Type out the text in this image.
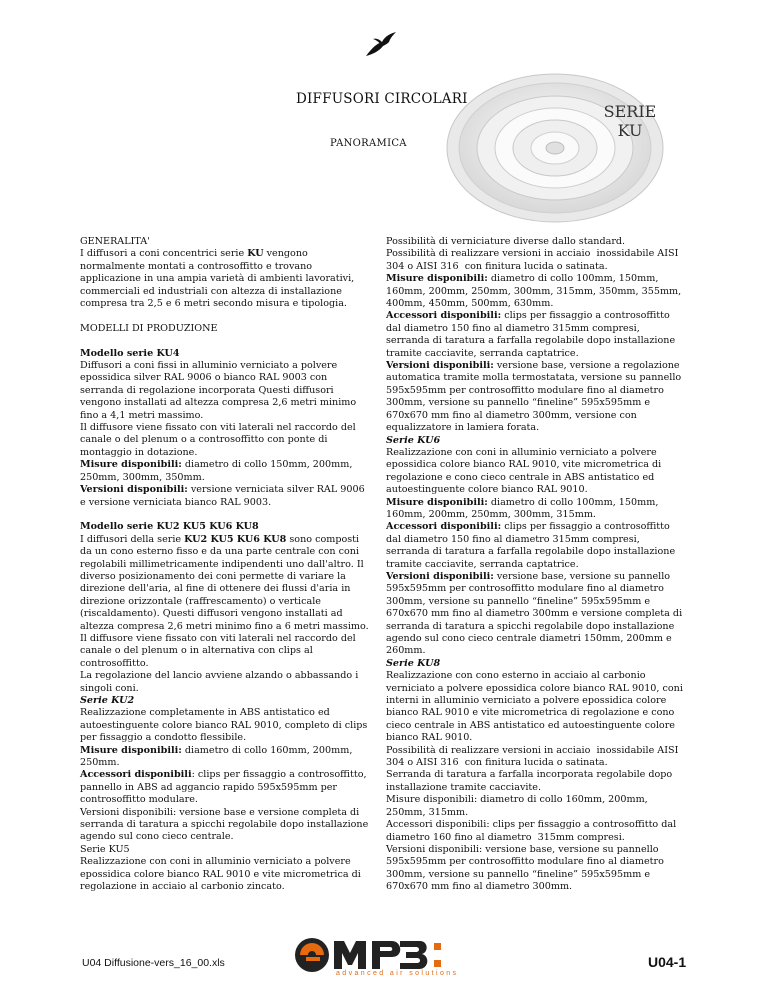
DIFFUSORI CIRCOLARI
PANORAMICA
SERIE
KU

GENERALITA'

I diffusori a coni concentrici serie KU vengono normalmente montati a controsoffitto e trovano applicazione in una ampia varietà di ambienti lavorativi, commerciali ed industriali con altezza di installazione compresa tra 2,5 e 6 metri secondo misura e tipologia.

MODELLI DI PRODUZIONE

Modello serie KU4

Diffusori a coni fissi in alluminio verniciato a polvere epossidica silver RAL 9006 o bianco RAL 9003 con serranda di regolazione incorporata Questi diffusori vengono installati ad altezza compresa 2,6 metri minimo fino a 4,1 metri massimo.
Il diffusore viene fissato con viti laterali nel raccordo del canale o del plenum o a controsoffitto con ponte di montaggio in dotazione.

Misure disponibili: diametro di collo 150mm, 200mm, 250mm, 300mm, 350mm.

Versioni disponibili: versione verniciata silver RAL 9006 e versione verniciata bianco RAL 9003.

Modello serie KU2 KU5 KU6 KU8

I diffusori della serie KU2 KU5 KU6 KU8 sono composti da un cono esterno fisso e da una parte centrale con coni regolabili millimetricamente indipendenti uno dall'altro. Il diverso posizionamento dei coni permette di variare la direzione dell'aria, al fine di ottenere dei flussi d'aria in direzione orizzontale (raffrescamento) o verticale (riscaldamento). Questi diffusori vengono installati ad altezza compresa 2,6 metri minimo fino a 6 metri massimo. Il diffusore viene fissato con viti laterali nel raccordo del canale o del plenum o in alternativa con clips al controsoffitto.
La regolazione del lancio avviene alzando o abbassando i singoli coni.

Serie KU2

Realizzazione completamente in ABS antistatico ed autoestinguente colore bianco RAL 9010, completo di clips per fissaggio a condotto flessibile.

Misure disponibili: diametro di collo 160mm, 200mm, 250mm.

Accessori disponibili: clips per fissaggio a controsoffitto, pannello in ABS ad aggancio rapido 595x595mm per controsoffitto modulare.

Versioni disponibili: versione base e versione completa di serranda di taratura a spicchi regolabile dopo installazione agendo sul cono cieco centrale.
Serie KU5
Realizzazione con coni in alluminio verniciato a polvere epossidica colore bianco RAL 9010 e vite micrometrica di regolazione in acciaio al carbonio zincato.

Possibilità di verniciature diverse dallo standard.
Possibilità di realizzare versioni in acciaio  inossidabile AISI 304 o AISI 316  con finitura lucida o satinata.

Misure disponibili: diametro di collo 100mm, 150mm, 160mm, 200mm, 250mm, 300mm, 315mm, 350mm, 355mm, 400mm, 450mm, 500mm, 630mm.

Accessori disponibili: clips per fissaggio a controsoffitto dal diametro 150 fino al diametro 315mm compresi, serranda di taratura a farfalla regolabile dopo installazione tramite cacciavite, serranda captatrice.

Versioni disponibili: versione base, versione a regolazione automatica tramite molla termostatata, versione su pannello 595x595mm per controsoffitto modulare fino al diametro 300mm, versione su pannello “fineline” 595x595mm e 670x670 mm fino al diametro 300mm, versione con equalizzatore in lamiera forata.

Serie KU6

Realizzazione con coni in alluminio verniciato a polvere epossidica colore bianco RAL 9010, vite micrometrica di regolazione e cono cieco centrale in ABS antistatico ed autoestinguente colore bianco RAL 9010.

Misure disponibili: diametro di collo 100mm, 150mm, 160mm, 200mm, 250mm, 300mm, 315mm.

Accessori disponibili: clips per fissaggio a controsoffitto dal diametro 150 fino al diametro 315mm compresi, serranda di taratura a farfalla regolabile dopo installazione tramite cacciavite, serranda captatrice.

Versioni disponibili: versione base, versione su pannello 595x595mm per controsoffitto modulare fino al diametro 300mm, versione su pannello “fineline” 595x595mm e 670x670 mm fino al diametro 300mm e versione completa di serranda di taratura a spicchi regolabile dopo installazione agendo sul cono cieco centrale diametri 150mm, 200mm e 260mm.

Serie KU8

Realizzazione con cono esterno in acciaio al carbonio verniciato a polvere epossidica colore bianco RAL 9010, coni interni in alluminio verniciato a polvere epossidica colore bianco RAL 9010 e vite micrometrica di regolazione e cono cieco centrale in ABS antistatico ed autoestinguente colore bianco RAL 9010.
Possibilità di realizzare versioni in acciaio  inossidabile AISI 304 o AISI 316  con finitura lucida o satinata.
Serranda di taratura a farfalla incorporata regolabile dopo installazione tramite cacciavite.
Misure disponibili: diametro di collo 160mm, 200mm, 250mm, 315mm.
Accessori disponibili: clips per fissaggio a controsoffitto dal diametro 160 fino al diametro  315mm compresi.
Versioni disponibili: versione base, versione su pannello 595x595mm per controsoffitto modulare fino al diametro 300mm, versione su pannello “fineline” 595x595mm e 670x670 mm fino al diametro 300mm.

U04 Diffusione-vers_16_00.xls
advanced air solutions
U04-1
